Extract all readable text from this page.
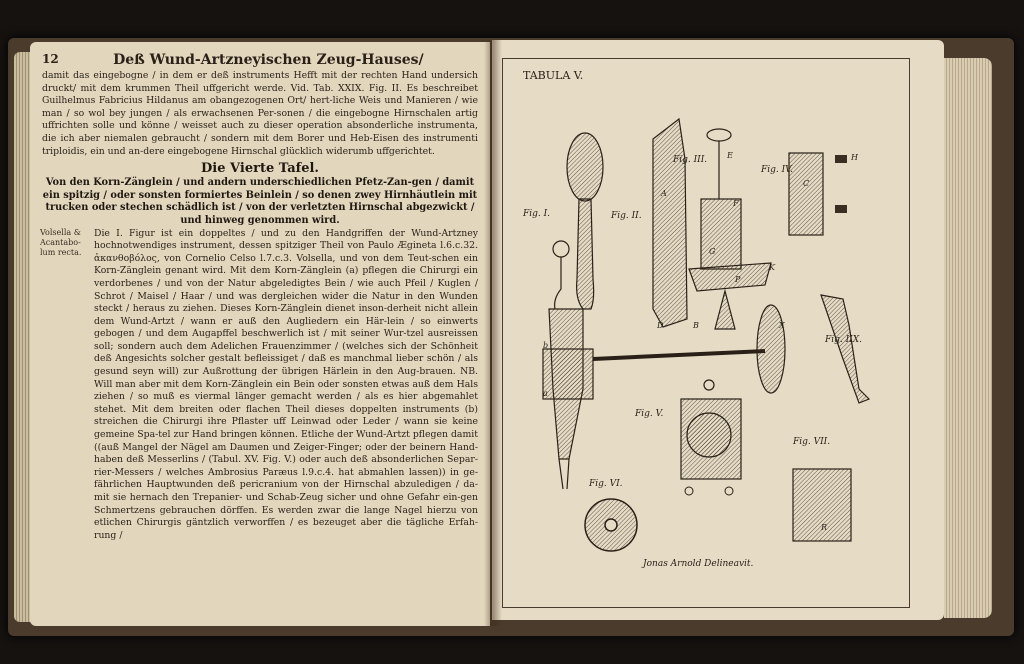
12	Deß Wund-Artzneyischen Zeug-Hauses/

damit das eingebogne / in dem er deß instruments Hefft mit der rechten Hand undersich druckt/ mit dem krummen Theil uffgericht werde. Vid. Tab. XXIX. Fig. II. Es beschreibet Guilhelmus Fabricius Hildanus am obangezogenen Ort/ hert-liche Weis und Manieren / wie man / so wol bey jungen / als erwachsenen Per-sonen / die eingebogne Hirnschalen artig uffrichten solle und könne / weisset auch zu dieser operation absonderliche instrumenta, die ich aber niemalen gebraucht / sondern mit dem Borer und Heb-Eisen des instrumenti triploidis, ein und an-dere eingebogene Hirnschal glücklich widerumb uffgerichtet.

Die Vierte Tafel.
Von den Korn-Zänglein / und andern underschiedlichen Pfetz-Zan-gen / damit ein spitzig / oder sonsten formiertes Beinlein / so denen zwey Hirnhäutlein mit trucken oder stechen schädlich ist / von der verletzten Hirnschal abgezwickt / und hinweg genommen wird.
Volsella & Acantabo-lum recta.

Die I. Figur ist ein doppeltes / und zu den Handgriffen der Wund-Artzney hochnotwendiges instrument, dessen spitziger Theil von Paulo Ægineta l.6.c.32. ἀκανθοβόλος, von Cornelio Celso l.7.c.3. Volsella, und von dem Teut-schen ein Korn-Zänglein genant wird. Mit dem Korn-Zänglein (a) pflegen die Chirurgi ein verdorbenes / und von der Natur abgeledigtes Bein / wie auch Pfeil / Kuglen / Schrot / Maisel / Haar / und was dergleichen wider die Natur in den Wunden steckt / heraus zu ziehen. Dieses Korn-Zänglein dienet inson-derheit nicht allein dem Wund-Artzt / wann er auß den Augliedern ein Här-lein / so einwerts gebogen / und dem Augapffel beschwerlich ist / mit seiner Wur-tzel ausreissen soll; sondern auch dem Adelichen Frauenzimmer / (welches sich der Schönheit deß Angesichts solcher gestalt befleissiget / daß es manchmal lieber schön / als gesund seyn will) zur Außrottung der übrigen Härlein in den Aug-brauen. NB. Will man aber mit dem Korn-Zänglein ein Bein oder sonsten etwas auß dem Hals ziehen / so muß es viermal länger gemacht werden / als es hier abgemahlet stehet. Mit dem breiten oder flachen Theil dieses doppelten instruments (b) streichen die Chirurgi ihre Pflaster uff Leinwad oder Leder / wann sie keine gemeine Spa-tel zur Hand bringen können. Etliche der Wund-Artzt pflegen damit ((auß Mangel der Nägel am Daumen und Zeiger-Finger; oder der beinern Hand-haben deß Messerlins / (Tabul. XV. Fig. V.) oder auch deß absonderlichen Separ-rier-Messers / welches Ambrosius Paræus l.9.c.4. hat abmahlen lassen)) in ge-fährlichen Hauptwunden deß pericranium von der Hirnschal abzuledigen / da-mit sie hernach den Trepanier- und Schab-Zeug sicher und ohne Gefahr ein-gen Schmertzens gebrauchen dörffen. Es werden zwar die lange Nagel hierzu von etlichen Chirurgis gäntzlich verworffen / es bezeuget aber die tägliche Erfah-rung /

TABULA V.
Fig. I.	Fig. II.
Fig. III.
Fig. IV.
Fig. V.
Fig. VI.
Fig. VII.
Fig. IIX.
a
b
A
B
C
D
E
F
G
H
K
P
R
X
Jonas Arnold Delineavit.
